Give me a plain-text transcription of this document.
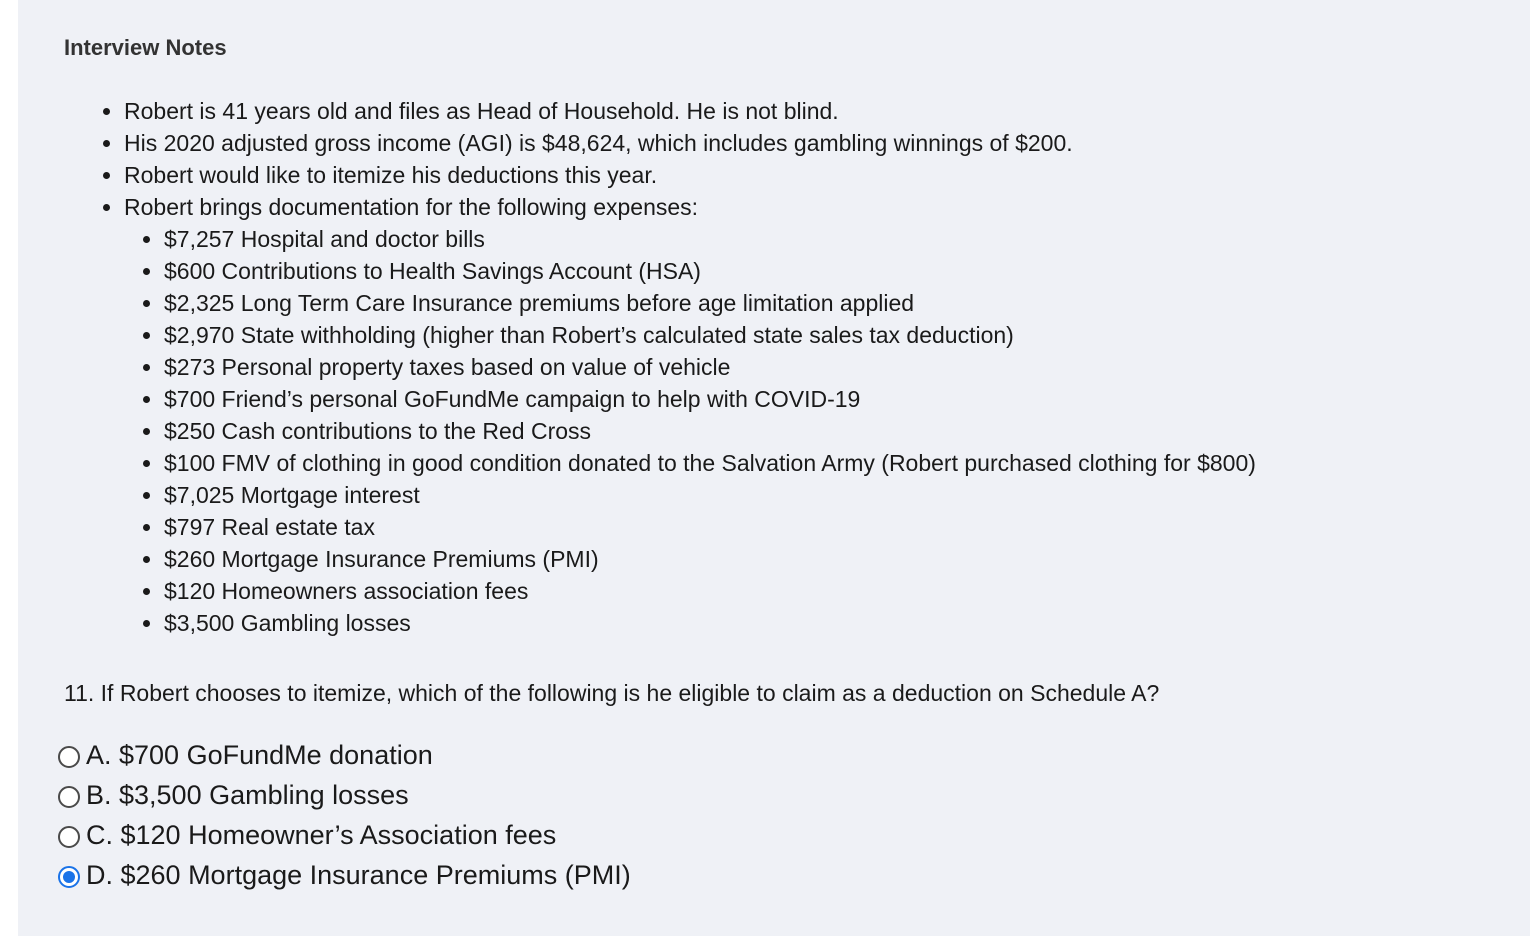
Interview Notes
• Robert is 41 years old and files as Head of Household. He is not blind.
• His 2020 adjusted gross income (AGI) is $48,624, which includes gambling winnings of $200.
• Robert would like to itemize his deductions this year.
• Robert brings documentation for the following expenses:
• $7,257 Hospital and doctor bills
• $600 Contributions to Health Savings Account (HSA)
• $2,325 Long Term Care Insurance premiums before age limitation applied
• $2,970 State withholding (higher than Robert’s calculated state sales tax deduction)
• $273 Personal property taxes based on value of vehicle
• $700 Friend’s personal GoFundMe campaign to help with COVID-19
• $250 Cash contributions to the Red Cross
• $100 FMV of clothing in good condition donated to the Salvation Army (Robert purchased clothing for $800)
• $7,025 Mortgage interest
• $797 Real estate tax
• $260 Mortgage Insurance Premiums (PMI)
• $120 Homeowners association fees
• $3,500 Gambling losses

11. If Robert chooses to itemize, which of the following is he eligible to claim as a deduction on Schedule A?

A. $700 GoFundMe donation
B. $3,500 Gambling losses
C. $120 Homeowner’s Association fees
D. $260 Mortgage Insurance Premiums (PMI)
